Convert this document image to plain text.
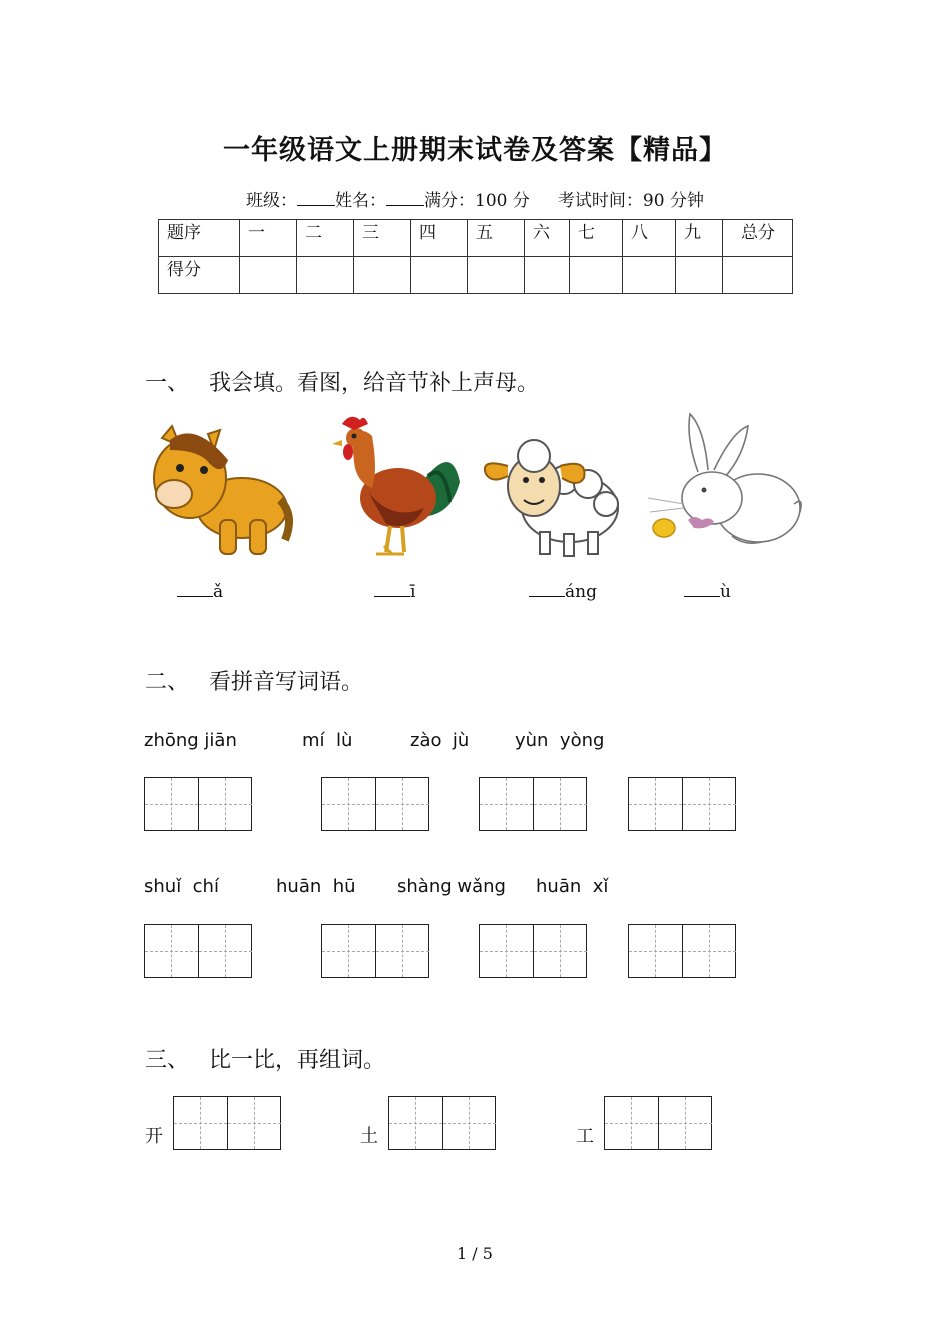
一年级语文上册期末试卷及答案【精品】
班级： 姓名： 满分：100 分 考试时间：90 分钟
题序	一	二	三	四	五	六	七	八	九	总分
得分										
一、 我会填。看图，给音节补上声母。
ǎ	ī	áng	ù
二、 看拼音写词语。
zhōng jiān	mí  lù	zào  jù	yùn  yòng
shuǐ  chí	huān  hū shàng wǎng huān  xǐ
三、 比一比，再组词。
开	土	工
1 / 5
